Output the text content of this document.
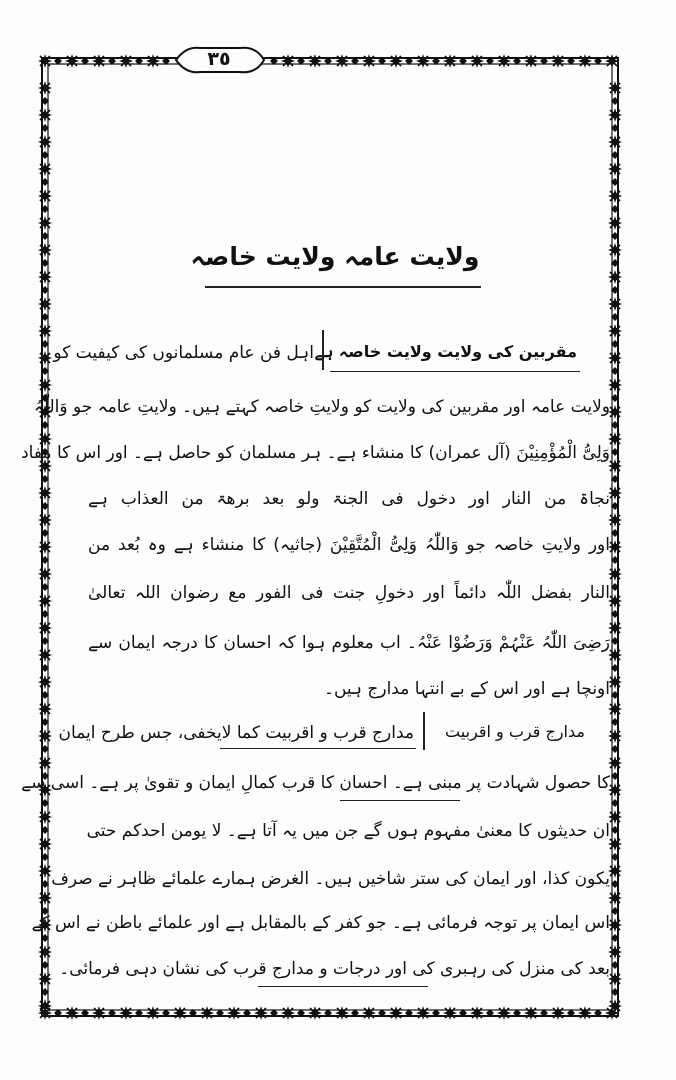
٣٥
ولایت عامہ ولایت خاصہ
مقربین کی ولایت ولایت خاصہ ہے
اہل فن عام مسلمانوں کی کیفیت کو
ولایت عامہ اور مقربین کی ولایت کو ولایتِ خاصہ کہتے ہیں۔ ولایتِ عامہ جو وَاللّٰہُ
وَلِیُّ الْمُؤْمِنِیْنَ (آل عمران) کا منشاء ہے۔ ہر مسلمان کو حاصل ہے۔ اور اس کا مفاد
نجاۃ من النار اور دخول فی الجنۃ ولو بعد برھۃ من العذاب ہے
اور ولایتِ خاصہ جو وَاللّٰہُ وَلِیُّ الْمُتَّقِیْنَ (جاثیہ) کا منشاء ہے وہ بُعد من
النار بفضل اللّٰہ دائماً اور دخولِ جنت فی الفور مع رضوان اللہ تعالیٰ
رَضِیَ اللّٰہُ عَنْہُمْ وَرَضُوْا عَنْہُ۔ اب معلوم ہوا کہ احسان کا درجہ ایمان سے
اونچا ہے اور اس کے بے انتہا مدارج ہیں۔
مدارج قرب و اقربیت
مدارج قرب و اقربیت کما لایخفی، جس طرح ایمان
کا حصول شہادت پر مبنی ہے۔ احسان کا قرب کمالِ ایمان و تقویٰ پر ہے۔ اسی سے
ان حدیثوں کا معنیٰ مفہوم ہوں گے جن میں یہ آتا ہے۔ لا یومن احدکم حتی
یکون کذا، اور ایمان کی ستر شاخیں ہیں۔ الغرض ہمارے علمائے ظاہر نے صرف
اس ایمان پر توجہ فرمائی ہے۔ جو کفر کے بالمقابل ہے اور علمائے باطن نے اس کے
بعد کی منزل کی رہبری کی اور درجات و مدارج قرب کی نشان دہی فرمائی۔
